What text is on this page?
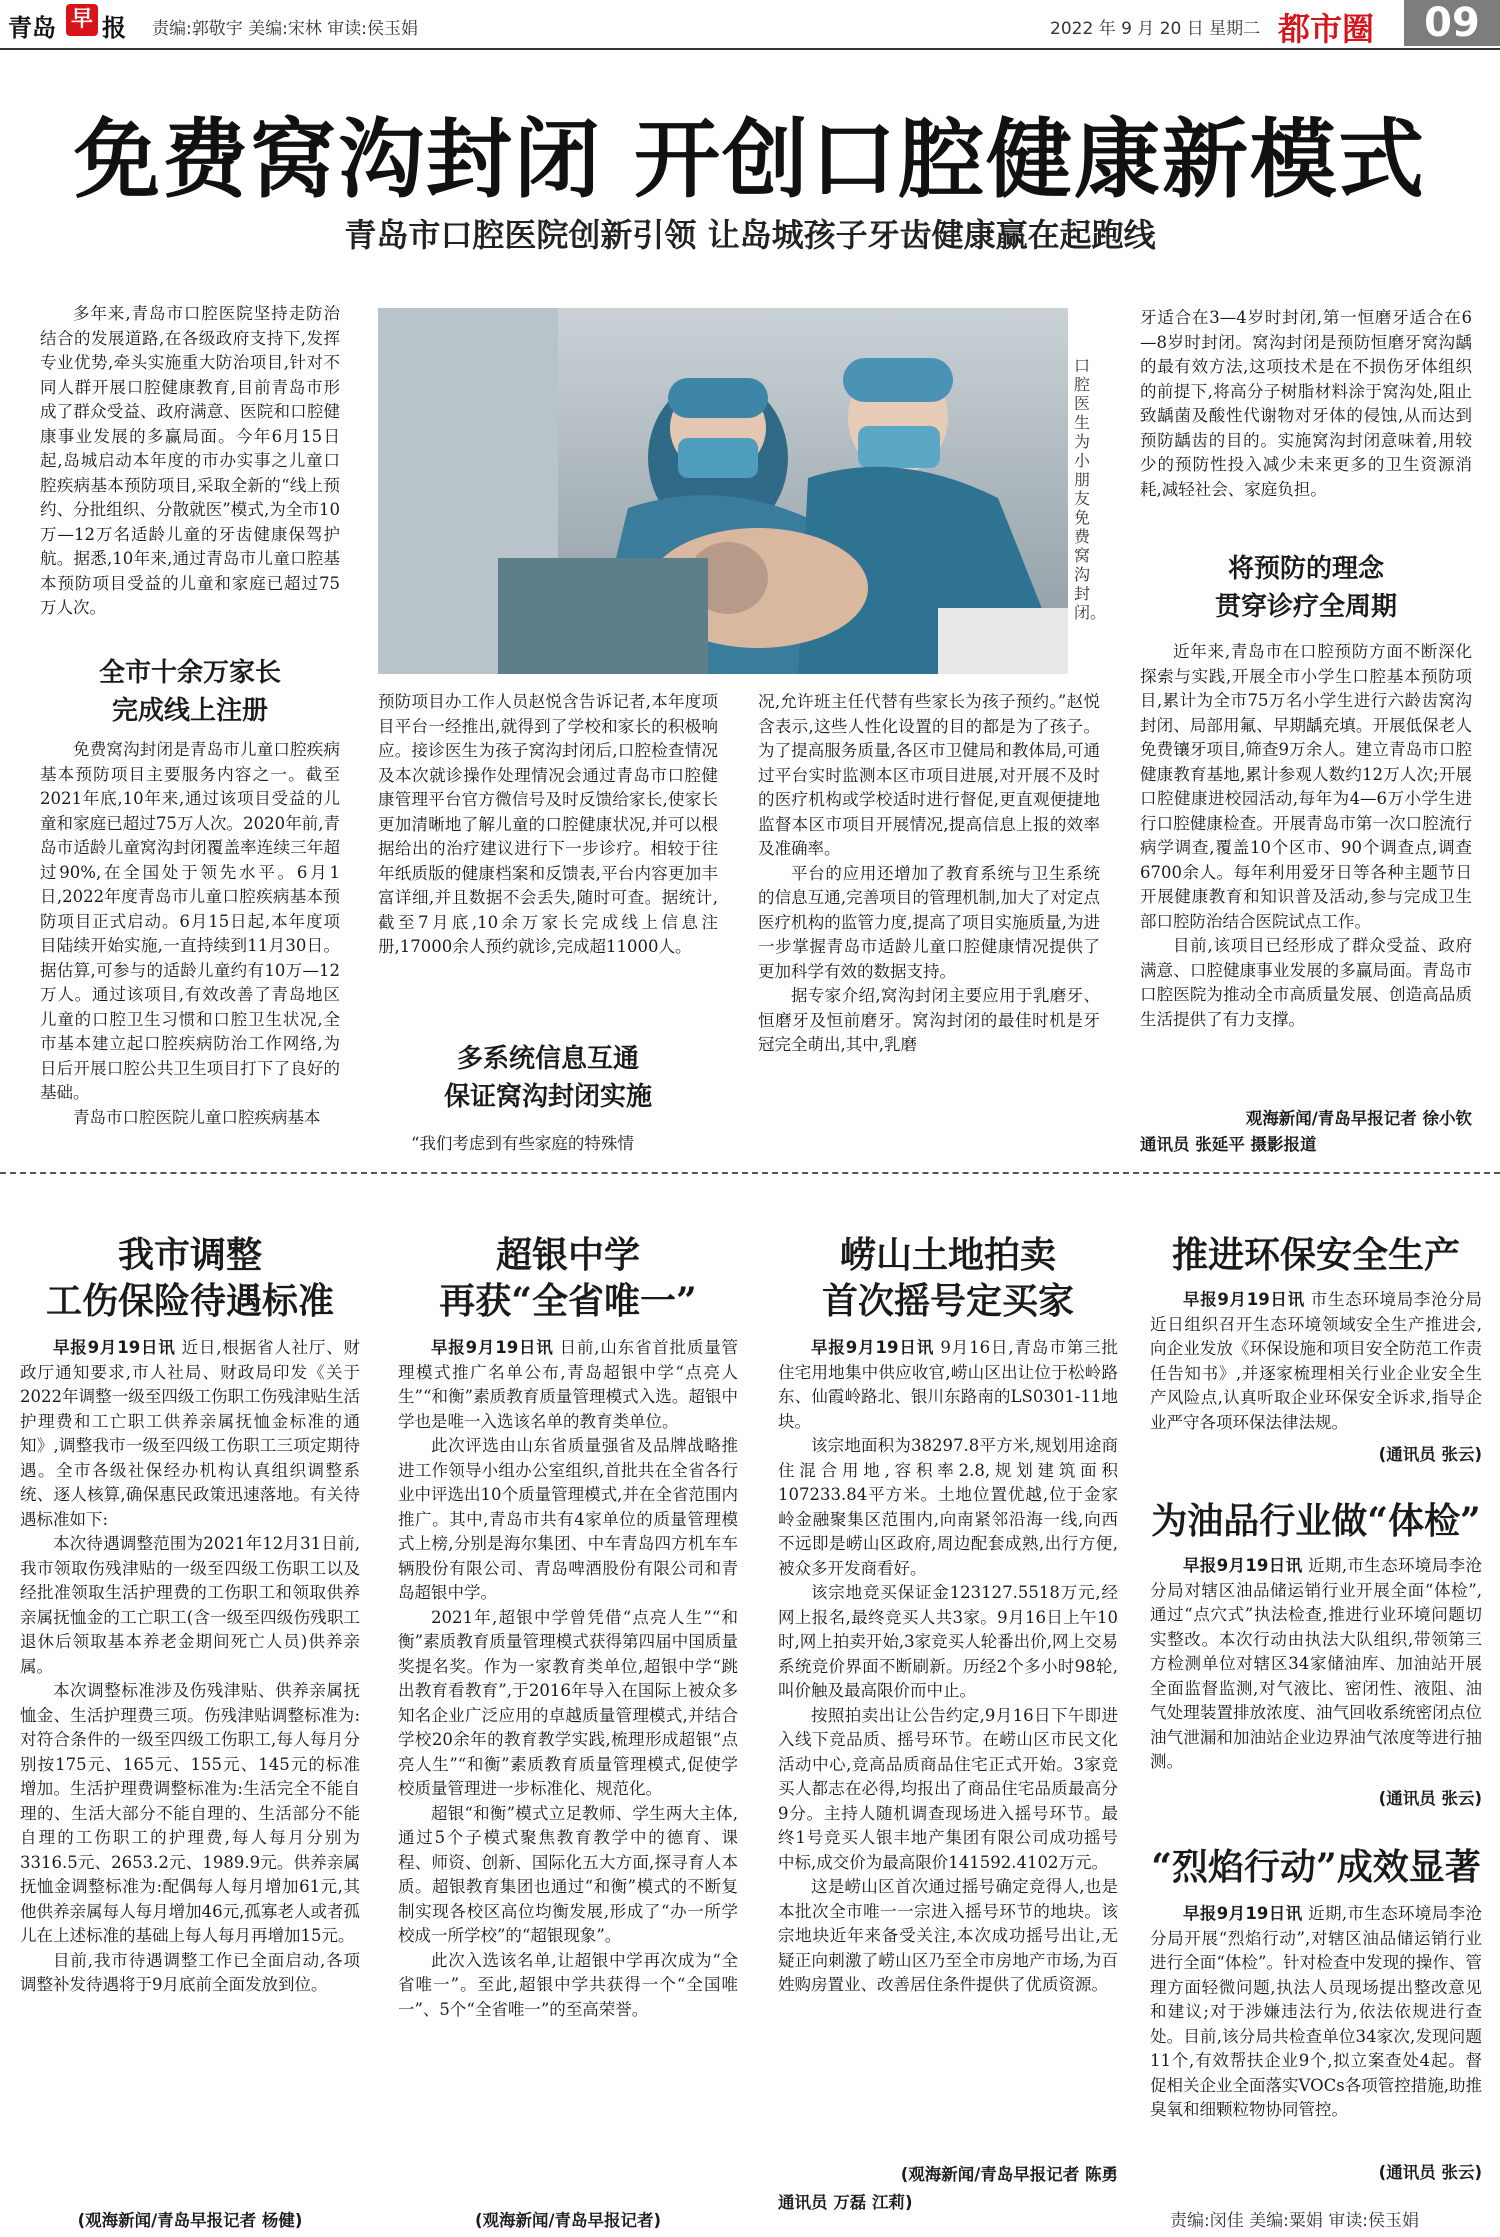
青岛 早 报 责编:郭敬宇 美编:宋林 审读:侯玉娟	2022 年 9 月 20 日 星期二 都市圈	09
免费窝沟封闭 开创口腔健康新模式
青岛市口腔医院创新引领 让岛城孩子牙齿健康赢在起跑线

多年来,青岛市口腔医院坚持走防治结合的发展道路,在各级政府支持下,发挥专业优势,牵头实施重大防治项目,针对不同人群开展口腔健康教育,目前青岛市形成了群众受益、政府满意、医院和口腔健康事业发展的多赢局面。今年6月15日起,岛城启动本年度的市办实事之儿童口腔疾病基本预防项目,采取全新的“线上预约、分批组织、分散就医”模式,为全市10万—12万名适龄儿童的牙齿健康保驾护航。据悉,10年来,通过青岛市儿童口腔基本预防项目受益的儿童和家庭已超过75万人次。

全市十余万家长
完成线上注册

免费窝沟封闭是青岛市儿童口腔疾病基本预防项目主要服务内容之一。截至2021年底,10年来,通过该项目受益的儿童和家庭已超过75万人次。2020年前,青岛市适龄儿童窝沟封闭覆盖率连续三年超过90%,在全国处于领先水平。6月1日,2022年度青岛市儿童口腔疾病基本预防项目正式启动。6月15日起,本年度项目陆续开始实施,一直持续到11月30日。据估算,可参与的适龄儿童约有10万—12万人。通过该项目,有效改善了青岛地区儿童的口腔卫生习惯和口腔卫生状况,全市基本建立起口腔疾病防治工作网络,为日后开展口腔公共卫生项目打下了良好的基础。

青岛市口腔医院儿童口腔疾病基本

口腔医生为小朋友免费窝沟封闭。

预防项目办工作人员赵悦含告诉记者,本年度项目平台一经推出,就得到了学校和家长的积极响应。接诊医生为孩子窝沟封闭后,口腔检查情况及本次就诊操作处理情况会通过青岛市口腔健康管理平台官方微信号及时反馈给家长,使家长更加清晰地了解儿童的口腔健康状况,并可以根据给出的治疗建议进行下一步诊疗。相较于往年纸质版的健康档案和反馈表,平台内容更加丰富详细,并且数据不会丢失,随时可查。据统计,截至7月底,10余万家长完成线上信息注册,17000余人预约就诊,完成超11000人。

多系统信息互通
保证窝沟封闭实施

“我们考虑到有些家庭的特殊情

况,允许班主任代替有些家长为孩子预约。”赵悦含表示,这些人性化设置的目的都是为了孩子。为了提高服务质量,各区市卫健局和教体局,可通过平台实时监测本区市项目进展,对开展不及时的医疗机构或学校适时进行督促,更直观便捷地监督本区市项目开展情况,提高信息上报的效率及准确率。

平台的应用还增加了教育系统与卫生系统的信息互通,完善项目的管理机制,加大了对定点医疗机构的监管力度,提高了项目实施质量,为进一步掌握青岛市适龄儿童口腔健康情况提供了更加科学有效的数据支持。

据专家介绍,窝沟封闭主要应用于乳磨牙、恒磨牙及恒前磨牙。窝沟封闭的最佳时机是牙冠完全萌出,其中,乳磨

牙适合在3—4岁时封闭,第一恒磨牙适合在6—8岁时封闭。窝沟封闭是预防恒磨牙窝沟龋的最有效方法,这项技术是在不损伤牙体组织的前提下,将高分子树脂材料涂于窝沟处,阻止致龋菌及酸性代谢物对牙体的侵蚀,从而达到预防龋齿的目的。实施窝沟封闭意味着,用较少的预防性投入减少未来更多的卫生资源消耗,减轻社会、家庭负担。

将预防的理念
贯穿诊疗全周期

近年来,青岛市在口腔预防方面不断深化探索与实践,开展全市小学生口腔基本预防项目,累计为全市75万名小学生进行六龄齿窝沟封闭、局部用氟、早期龋充填。开展低保老人免费镶牙项目,筛查9万余人。建立青岛市口腔健康教育基地,累计参观人数约12万人次;开展口腔健康进校园活动,每年为4—6万小学生进行口腔健康检查。开展青岛市第一次口腔流行病学调查,覆盖10个区市、90个调查点,调查6700余人。每年利用爱牙日等各种主题节日开展健康教育和知识普及活动,参与完成卫生部口腔防治结合医院试点工作。

目前,该项目已经形成了群众受益、政府满意、口腔健康事业发展的多赢局面。青岛市口腔医院为推动全市高质量发展、创造高品质生活提供了有力支撑。

观海新闻/青岛早报记者 徐小钦
通讯员 张延平 摄影报道
我市调整
工伤保险待遇标准

早报9月19日讯 近日,根据省人社厅、财政厅通知要求,市人社局、财政局印发《关于2022年调整一级至四级工伤职工伤残津贴生活护理费和工亡职工供养亲属抚恤金标准的通知》,调整我市一级至四级工伤职工三项定期待遇。全市各级社保经办机构认真组织调整系统、逐人核算,确保惠民政策迅速落地。有关待遇标准如下:

本次待遇调整范围为2021年12月31日前,我市领取伤残津贴的一级至四级工伤职工以及经批准领取生活护理费的工伤职工和领取供养亲属抚恤金的工亡职工(含一级至四级伤残职工退休后领取基本养老金期间死亡人员)供养亲属。

本次调整标准涉及伤残津贴、供养亲属抚恤金、生活护理费三项。伤残津贴调整标准为:对符合条件的一级至四级工伤职工,每人每月分别按175元、165元、155元、145元的标准增加。生活护理费调整标准为:生活完全不能自理的、生活大部分不能自理的、生活部分不能自理的工伤职工的护理费,每人每月分别为3316.5元、2653.2元、1989.9元。供养亲属抚恤金调整标准为:配偶每人每月增加61元,其他供养亲属每人每月增加46元,孤寡老人或者孤儿在上述标准的基础上每人每月再增加15元。

目前,我市待遇调整工作已全面启动,各项调整补发待遇将于9月底前全面发放到位。

(观海新闻/青岛早报记者 杨健)
超银中学
再获“全省唯一”

早报9月19日讯 日前,山东省首批质量管理模式推广名单公布,青岛超银中学“点亮人生”“和衡”素质教育质量管理模式入选。超银中学也是唯一入选该名单的教育类单位。

此次评选由山东省质量强省及品牌战略推进工作领导小组办公室组织,首批共在全省各行业中评选出10个质量管理模式,并在全省范围内推广。其中,青岛市共有4家单位的质量管理模式上榜,分别是海尔集团、中车青岛四方机车车辆股份有限公司、青岛啤酒股份有限公司和青岛超银中学。

2021年,超银中学曾凭借“点亮人生”“和衡”素质教育质量管理模式获得第四届中国质量奖提名奖。作为一家教育类单位,超银中学“跳出教育看教育”,于2016年导入在国际上被众多知名企业广泛应用的卓越质量管理模式,并结合学校20余年的教育教学实践,梳理形成超银“点亮人生”“和衡”素质教育质量管理模式,促使学校质量管理进一步标准化、规范化。

超银“和衡”模式立足教师、学生两大主体,通过5个子模式聚焦教育教学中的德育、课程、师资、创新、国际化五大方面,探寻育人本质。超银教育集团也通过“和衡”模式的不断复制实现各校区高位均衡发展,形成了“办一所学校成一所学校”的“超银现象”。

此次入选该名单,让超银中学再次成为“全省唯一”。至此,超银中学共获得一个“全国唯一”、5个“全省唯一”的至高荣誉。

(观海新闻/青岛早报记者)
崂山土地拍卖
首次摇号定买家

早报9月19日讯 9月16日,青岛市第三批住宅用地集中供应收官,崂山区出让位于松岭路东、仙霞岭路北、银川东路南的LS0301-11地块。

该宗地面积为38297.8平方米,规划用途商住混合用地,容积率2.8,规划建筑面积107233.84平方米。土地位置优越,位于金家岭金融聚集区范围内,向南紧邻沿海一线,向西不远即是崂山区政府,周边配套成熟,出行方便,被众多开发商看好。

该宗地竞买保证金123127.5518万元,经网上报名,最终竞买人共3家。9月16日上午10时,网上拍卖开始,3家竞买人轮番出价,网上交易系统竞价界面不断刷新。历经2个多小时98轮,叫价触及最高限价而中止。

按照拍卖出让公告约定,9月16日下午即进入线下竞品质、摇号环节。在崂山区市民文化活动中心,竞高品质商品住宅正式开始。3家竞买人都志在必得,均报出了商品住宅品质最高分9分。主持人随机调查现场进入摇号环节。最终1号竞买人银丰地产集团有限公司成功摇号中标,成交价为最高限价141592.4102万元。

这是崂山区首次通过摇号确定竞得人,也是本批次全市唯一一宗进入摇号环节的地块。该宗地块近年来备受关注,本次成功摇号出让,无疑正向刺激了崂山区乃至全市房地产市场,为百姓购房置业、改善居住条件提供了优质资源。

(观海新闻/青岛早报记者 陈勇
通讯员 万磊 江莉)
推进环保安全生产

早报9月19日讯 市生态环境局李沧分局近日组织召开生态环境领域安全生产推进会,向企业发放《环保设施和项目安全防范工作责任告知书》,并逐家梳理相关行业企业安全生产风险点,认真听取企业环保安全诉求,指导企业严守各项环保法律法规。

(通讯员 张云)
为油品行业做“体检”

早报9月19日讯 近期,市生态环境局李沧分局对辖区油品储运销行业开展全面“体检”,通过“点穴式”执法检查,推进行业环境问题切实整改。本次行动由执法大队组织,带领第三方检测单位对辖区34家储油库、加油站开展全面监督监测,对气液比、密闭性、液阻、油气处理装置排放浓度、油气回收系统密闭点位油气泄漏和加油站企业边界油气浓度等进行抽测。

(通讯员 张云)
“烈焰行动”成效显著

早报9月19日讯 近期,市生态环境局李沧分局开展“烈焰行动”,对辖区油品储运销行业进行全面“体检”。针对检查中发现的操作、管理方面轻微问题,执法人员现场提出整改意见和建议;对于涉嫌违法行为,依法依规进行查处。目前,该分局共检查单位34家次,发现问题11个,有效帮扶企业9个,拟立案查处4起。督促相关企业全面落实VOCs各项管控措施,助推臭氧和细颗粒物协同管控。

(通讯员 张云)
责编:闵佳 美编:粟娟 审读:侯玉娟
